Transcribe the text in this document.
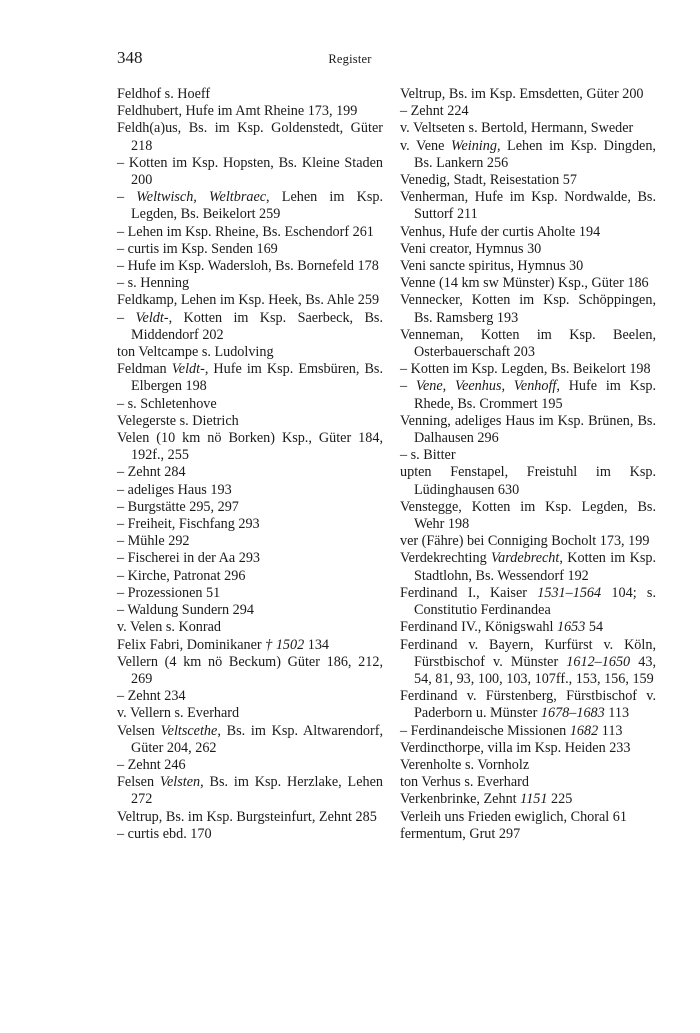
348	Register

Feldhof s. Hoeff

Feldhubert, Hufe im Amt Rheine 173, 199

Feldh(a)us, Bs. im Ksp. Goldenstedt, Güter 218

– Kotten im Ksp. Hopsten, Bs. Kleine Staden 200

– Weltwisch, Weltbraec, Lehen im Ksp. Legden, Bs. Beikelort 259

– Lehen im Ksp. Rheine, Bs. Eschendorf 261

– curtis im Ksp. Senden 169

– Hufe im Ksp. Wadersloh, Bs. Bornefeld 178

– s. Henning

Feldkamp, Lehen im Ksp. Heek, Bs. Ahle 259

– Veldt-, Kotten im Ksp. Saerbeck, Bs. Middendorf 202

ton Veltcampe s. Ludolving

Feldman Veldt-, Hufe im Ksp. Emsbüren, Bs. Elbergen 198

– s. Schletenhove

Velegerste s. Dietrich

Velen (10 km nö Borken) Ksp., Güter 184, 192f., 255

– Zehnt 284

– adeliges Haus 193

– Burgstätte 295, 297

– Freiheit, Fischfang 293

– Mühle 292

– Fischerei in der Aa 293

– Kirche, Patronat 296

– Prozessionen 51

– Waldung Sundern 294

v. Velen s. Konrad

Felix Fabri, Dominikaner † 1502 134

Vellern (4 km nö Beckum) Güter 186, 212, 269

– Zehnt 234

v. Vellern s. Everhard

Velsen Veltscethe, Bs. im Ksp. Altwarendorf, Güter 204, 262

– Zehnt 246

Felsen Velsten, Bs. im Ksp. Herzlake, Lehen 272

Veltrup, Bs. im Ksp. Burgsteinfurt, Zehnt 285

– curtis ebd. 170

Veltrup, Bs. im Ksp. Emsdetten, Güter 200

– Zehnt 224

v. Veltseten s. Bertold, Hermann, Sweder

v. Vene Weining, Lehen im Ksp. Dingden, Bs. Lankern 256

Venedig, Stadt, Reisestation 57

Venherman, Hufe im Ksp. Nordwalde, Bs. Suttorf 211

Venhus, Hufe der curtis Aholte 194

Veni creator, Hymnus 30

Veni sancte spiritus, Hymnus 30

Venne (14 km sw Münster) Ksp., Güter 186

Vennecker, Kotten im Ksp. Schöppingen, Bs. Ramsberg 193

Venneman, Kotten im Ksp. Beelen, Osterbauerschaft 203

– Kotten im Ksp. Legden, Bs. Beikelort 198

– Vene, Veenhus, Venhoff, Hufe im Ksp. Rhede, Bs. Crommert 195

Venning, adeliges Haus im Ksp. Brünen, Bs. Dalhausen 296

– s. Bitter

upten Fenstapel, Freistuhl im Ksp. Lüdinghausen 630

Venstegge, Kotten im Ksp. Legden, Bs. Wehr 198

ver (Fähre) bei Conniging Bocholt 173, 199

Verdekrechting Vardebrecht, Kotten im Ksp. Stadtlohn, Bs. Wessendorf 192

Ferdinand I., Kaiser 1531–1564 104; s. Constitutio Ferdinandea

Ferdinand IV., Königswahl 1653 54

Ferdinand v. Bayern, Kurfürst v. Köln, Fürstbischof v. Münster 1612–1650 43, 54, 81, 93, 100, 103, 107ff., 153, 156, 159

Ferdinand v. Fürstenberg, Fürstbischof v. Paderborn u. Münster 1678–1683 113

– Ferdinandeische Missionen 1682 113

Verdincthorpe, villa im Ksp. Heiden 233

Verenholte s. Vornholz

ton Verhus s. Everhard

Verkenbrinke, Zehnt 1151 225

Verleih uns Frieden ewiglich, Choral 61

fermentum, Grut 297
